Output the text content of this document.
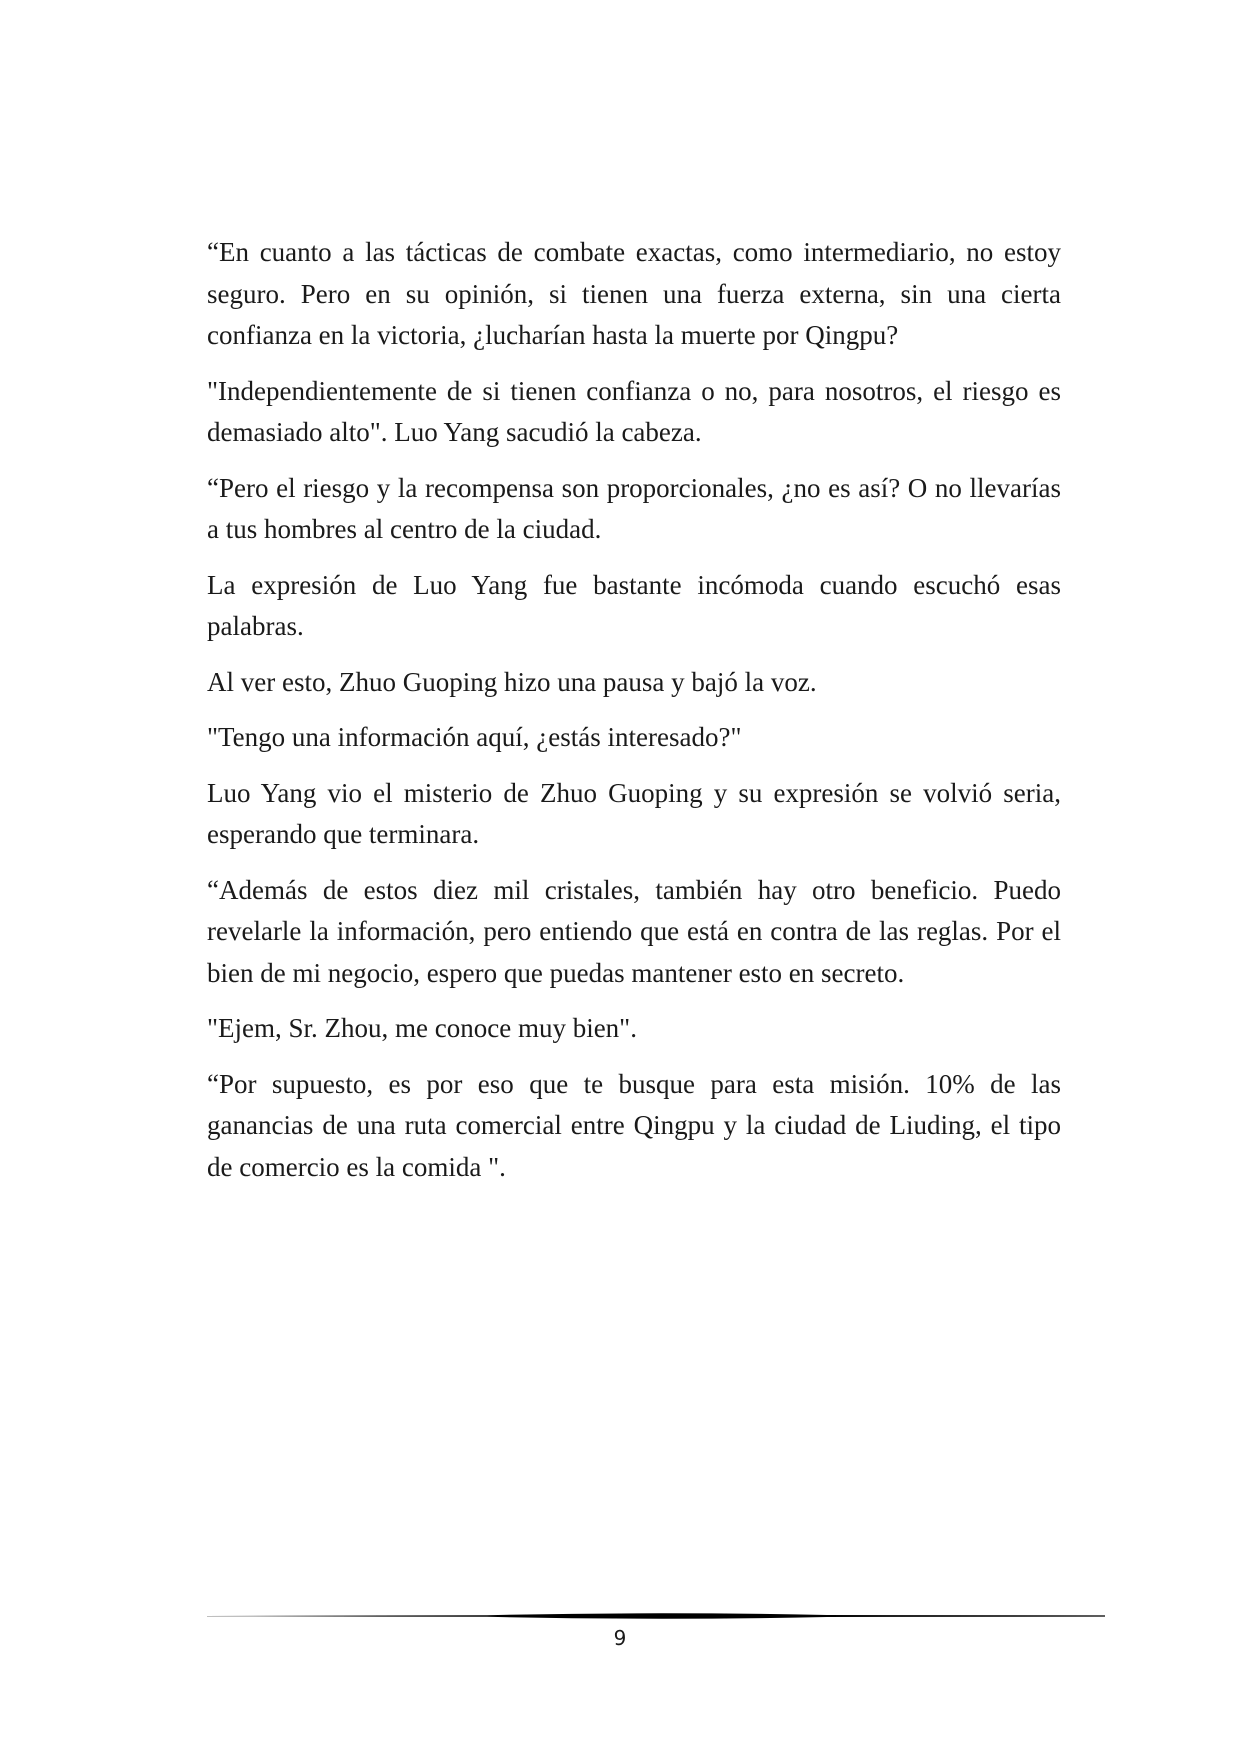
“En cuanto a las tácticas de combate exactas, como intermediario, no estoy seguro. Pero en su opinión, si tienen una fuerza externa, sin una cierta confianza en la victoria, ¿lucharían hasta la muerte por Qingpu?

"Independientemente de si tienen confianza o no, para nosotros, el riesgo es demasiado alto". Luo Yang sacudió la cabeza.

“Pero el riesgo y la recompensa son proporcionales, ¿no es así? O no llevarías a tus hombres al centro de la ciudad.

La expresión de Luo Yang fue bastante incómoda cuando escuchó esas palabras.

Al ver esto, Zhuo Guoping hizo una pausa y bajó la voz.

"Tengo una información aquí, ¿estás interesado?"

Luo Yang vio el misterio de Zhuo Guoping y su expresión se volvió seria, esperando que terminara.

“Además de estos diez mil cristales, también hay otro beneficio. Puedo revelarle la información, pero entiendo que está en contra de las reglas. Por el bien de mi negocio, espero que puedas mantener esto en secreto.

"Ejem, Sr. Zhou, me conoce muy bien".

“Por supuesto, es por eso que te busque para esta misión. 10% de las ganancias de una ruta comercial entre Qingpu y la ciudad de Liuding, el tipo de comercio es la comida ".

9
